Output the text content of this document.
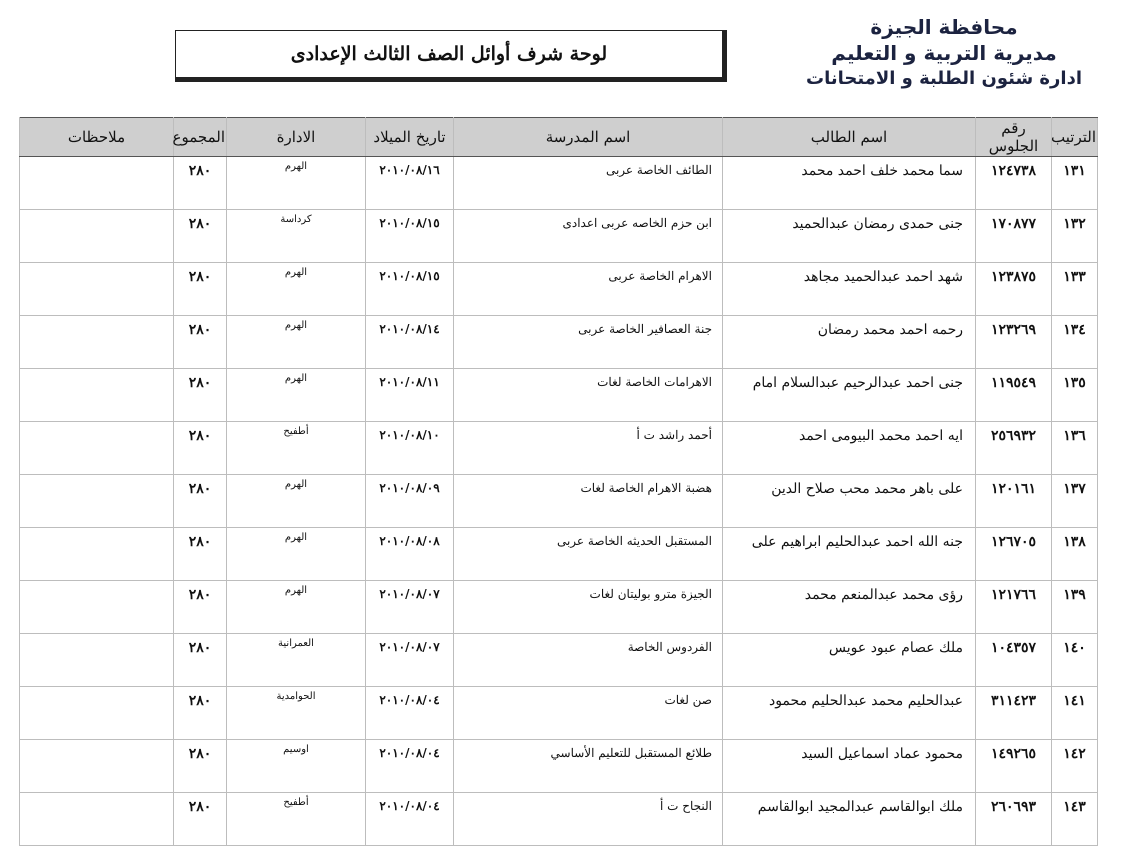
محافظة الجيزة
مديرية التربية و التعليم
ادارة شئون الطلبة و الامتحانات
لوحة شرف أوائل الصف الثالث الإعدادى
الترتيب	رقم الجلوس	اسم الطالب	اسم المدرسة	تاريخ الميلاد	الادارة	المجموع	ملاحظات
١٣١	١٢٤٧٣٨	سما محمد خلف احمد محمد	الطائف الخاصة عربى	٢٠١٠/٠٨/١٦	الهرم	٢٨٠	
١٣٢	١٧٠٨٧٧	جنى حمدى رمضان عبدالحميد	ابن حزم الخاصه عربى اعدادى	٢٠١٠/٠٨/١٥	كرداسة	٢٨٠	
١٣٣	١٢٣٨٧٥	شهد احمد عبدالحميد مجاهد	الاهرام الخاصة عربى	٢٠١٠/٠٨/١٥	الهرم	٢٨٠	
١٣٤	١٢٣٢٦٩	رحمه احمد محمد رمضان	جنة العصافير الخاصة عربى	٢٠١٠/٠٨/١٤	الهرم	٢٨٠	
١٣٥	١١٩٥٤٩	جنى احمد عبدالرحيم عبدالسلام امام	الاهرامات الخاصة لغات	٢٠١٠/٠٨/١١	الهرم	٢٨٠	
١٣٦	٢٥٦٩٣٢	ايه احمد محمد البيومى احمد	أحمد راشد ت أ	٢٠١٠/٠٨/١٠	أطفيح	٢٨٠	
١٣٧	١٢٠١٦١	على باهر محمد محب صلاح الدين	هضبة الاهرام الخاصة لغات	٢٠١٠/٠٨/٠٩	الهرم	٢٨٠	
١٣٨	١٢٦٧٠٥	جنه الله احمد عبدالحليم ابراهيم على	المستقبل الحديثه الخاصة عربى	٢٠١٠/٠٨/٠٨	الهرم	٢٨٠	
١٣٩	١٢١٧٦٦	رؤى محمد عبدالمنعم محمد	الجيزة مترو بوليتان لغات	٢٠١٠/٠٨/٠٧	الهرم	٢٨٠	
١٤٠	١٠٤٣٥٧	ملك عصام عبود عويس	الفردوس الخاصة	٢٠١٠/٠٨/٠٧	العمرانية	٢٨٠	
١٤١	٣١١٤٢٣	عبدالحليم محمد عبدالحليم محمود	صن لغات	٢٠١٠/٠٨/٠٤	الحوامدية	٢٨٠	
١٤٢	١٤٩٢٦٥	محمود عماد اسماعيل السيد	طلائع المستقبل للتعليم الأساسي	٢٠١٠/٠٨/٠٤	اوسيم	٢٨٠	
١٤٣	٢٦٠٦٩٣	ملك ابوالقاسم عبدالمجيد ابوالقاسم	النجاح ت أ	٢٠١٠/٠٨/٠٤	أطفيح	٢٨٠	
